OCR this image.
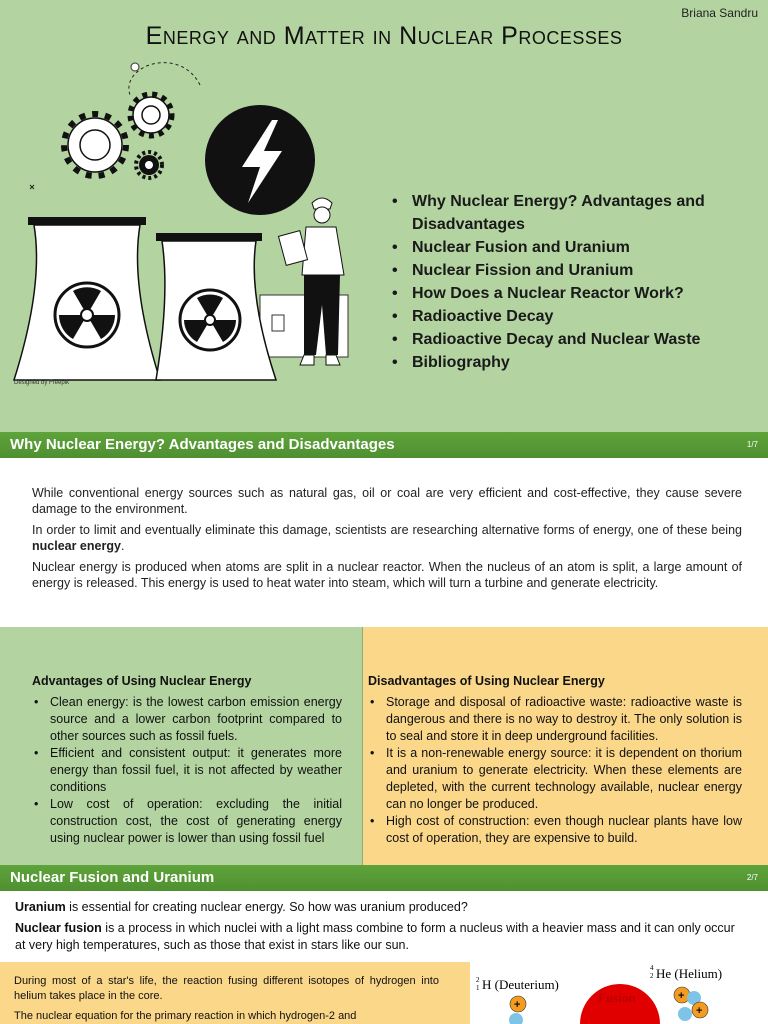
Briana Sandru
Energy and Matter in Nuclear Processes
• Why Nuclear Energy? Advantages and Disadvantages
• Nuclear Fusion and Uranium
• Nuclear Fission and Uranium
• How Does a Nuclear Reactor Work?
• Radioactive Decay
• Radioactive Decay and Nuclear Waste
• Bibliography
Designed by Freepik
Why Nuclear Energy? Advantages and Disadvantages	1/7

While conventional energy sources such as natural gas, oil or coal are very efficient and cost-effective, they cause severe damage to the environment.

In order to limit and eventually eliminate this damage, scientists are researching alternative forms of energy, one of these being nuclear energy.

Nuclear energy is produced when atoms are split in a nuclear reactor. When the nucleus of an atom is split, a large amount of energy is released. This energy is used to heat water into steam, which will turn a turbine and generate electricity.

Advantages of Using Nuclear Energy
• Clean energy: is the lowest carbon emission energy source and a lower carbon footprint compared to other sources such as fossil fuels.
• Efficient and consistent output: it generates more energy than fossil fuel, it is not affected by weather conditions
• Low cost of operation: excluding the initial construction cost, the cost of generating energy using nuclear power is lower than using fossil fuel
Disadvantages of Using Nuclear Energy
• Storage and disposal of radioactive waste: radioactive waste is dangerous and there is no way to destroy it. The only solution is to seal and store it in deep underground facilities.
• It is a non-renewable energy source: it is dependent on thorium and uranium to generate electricity. When these elements are depleted, with the current technology available, nuclear energy can no longer be produced.
• High cost of construction: even though nuclear plants have low cost of operation, they are expensive to build.
Nuclear Fusion and Uranium	2/7

Uranium is essential for creating nuclear energy. So how was uranium produced?

Nuclear fusion is a process in which nuclei with a light mass combine to form a nucleus with a heavier mass and it can only occur at very high temperatures, such as those that exist in stars like our sun.

During most of a star's life, the reaction fusing different isotopes of hydrogen into helium takes place in the core.

The nuclear equation for the primary reaction in which hydrogen-2 and

2
1 H (Deuterium)
4
2 He (Helium)
+	Fusion	+
+
